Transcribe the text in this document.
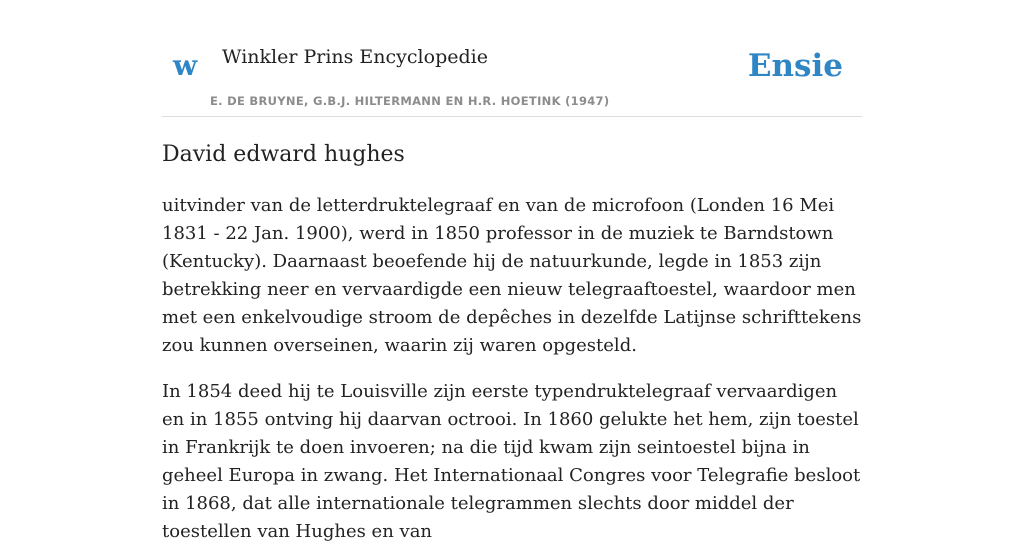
w Winkler Prins Encyclopedie
E. DE BRUYNE, G.B.J. HILTERMANN EN H.R. HOETINK (1947)
Ensie
David edward hughes

uitvinder van de letterdruktelegraaf en van de microfoon (Londen 16 Mei 1831 - 22 Jan. 1900), werd in 1850 professor in de muziek te Barndstown (Kentucky). Daarnaast beoefende hij de natuurkunde, legde in 1853 zijn betrekking neer en vervaardigde een nieuw telegraaftoestel, waardoor men met een enkelvoudige stroom de depêches in dezelfde Latijnse schrifttekens zou kunnen overseinen, waarin zij waren opgesteld.

In 1854 deed hij te Louisville zijn eerste typendruktelegraaf vervaardigen en in 1855 ontving hij daarvan octrooi. In 1860 gelukte het hem, zijn toestel in Frankrijk te doen invoeren; na die tijd kwam zijn seintoestel bijna in geheel Europa in zwang. Het Internationaal Congres voor Telegrafie besloot in 1868, dat alle internationale telegrammen slechts door middel der toestellen van Hughes en van
